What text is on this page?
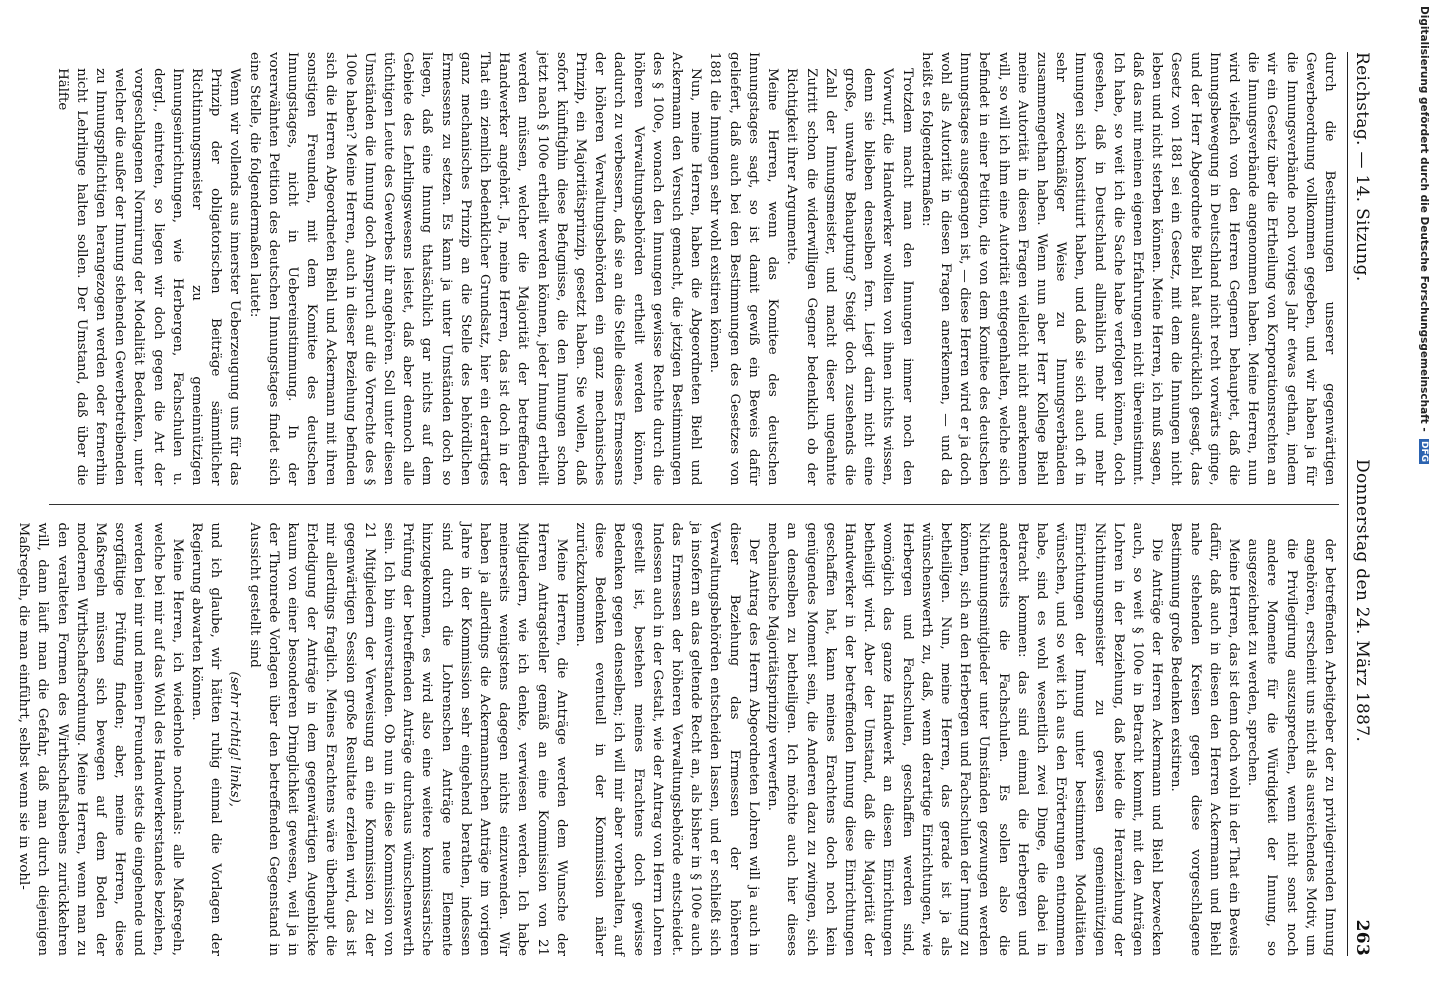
Reichstag. — 14. Sitzung.
Donnerstag den 24. März 1887.
263

durch die Bestimmungen unserer gegenwärtigen Gewerbeordnung vollkommen gegeben, und wir haben ja für die Innungsverbände noch voriges Jahr etwas gethan, indem wir ein Gesetz über die Ertheilung von Korporationsrechten an die Innungsverbände angenommen haben. Meine Herren, nun wird vielfach von den Herren Gegnern behauptet, daß die Innungsbewegung in Deutschland nicht recht vorwärts ginge, und der Herr Abgeordnete Biehl hat ausdrücklich gesagt, das Gesetz von 1881 sei ein Gesetz, mit dem die Innungen nicht leben und nicht sterben können. Meine Herren, ich muß sagen, daß das mit meinen eigenen Erfahrungen nicht übereinstimmt. Ich habe, so weit ich die Sache habe verfolgen können, doch gesehen, daß in Deutschland allmählich mehr und mehr Innungen sich konstituirt haben, und daß sie sich auch oft in sehr zweckmäßiger Weise zu Innungsverbänden zusammengethan haben. Wenn nun aber Herr Kollege Biehl meine Autorität in diesen Fragen vielleicht nicht anerkennen will, so will ich ihm eine Autorität entgegenhalten, welche sich befindet in einer Petition, die von dem Komitee des deutschen Innungstages ausgegangen ist, — diese Herren wird er ja doch wohl als Autorität in diesen Fragen anerkennen, — und da heißt es folgendermaßen:

Trotzdem macht man den Innungen immer noch den Vorwurf, die Handwerker wollten von ihnen nichts wissen, denn sie blieben denselben fern. Liegt darin nicht eine große, unwahre Behauptung? Steigt doch zusehends die Zahl der Innungsmeister, und macht dieser ungeahnte Zutritt schon die widerwilligen Gegner bedenklich ob der Richtigkeit ihrer Argumente.

Meine Herren, wenn das Komitee des deutschen Innungstages sagt, so ist damit gewiß ein Beweis dafür geliefert, daß auch bei den Bestimmungen des Gesetzes von 1881 die Innungen sehr wohl existiren können.

Nun, meine Herren, haben die Abgeordneten Biehl und Ackermann den Versuch gemacht, die jetzigen Bestimmungen des § 100e, wonach den Innungen gewisse Rechte durch die höheren Verwaltungsbehörden ertheilt werden können, dadurch zu verbessern, daß sie an die Stelle dieses Ermessens der höheren Verwaltungsbehörden ein ganz mechanisches Prinzip, ein Majoritätsprinzip, gesetzt haben. Sie wollen, daß sofort künftighin diese Befugnisse, die den Innungen schon jetzt nach § 100e ertheilt werden können, jeder Innung ertheilt werden müssen, welcher die Majorität der betreffenden Handwerker angehört. Ja, meine Herren, das ist doch in der That ein ziemlich bedenklicher Grundsatz, hier ein derartiges ganz mechanisches Prinzip an die Stelle des behördlichen Ermessens zu setzen. Es kann ja unter Umständen doch so liegen, daß eine Innung thatsächlich gar nichts auf dem Gebiete des Lehrlingswesens leistet, daß aber dennoch alle tüchtigen Leute des Gewerbes ihr angehören. Soll unter diesen Umständen die Innung doch Anspruch auf die Vorrechte des § 100e haben? Meine Herren, auch in dieser Beziehung befinden sich die Herren Abgeordneten Biehl und Ackermann mit ihren sonstigen Freunden, mit dem Komitee des deutschen Innungstages, nicht in Uebereinstimmung. In der vorerwähnten Petition des deutschen Innungstages findet sich eine Stelle, die folgendermaßen lautet:

Wenn wir vollends aus innerster Ueberzeugung uns für das Prinzip der obligatorischen Beiträge sämmtlicher Richtinnungsmeister zu gemeinnützigen Innungseinrichtungen, wie Herbergen, Fachschulen u. dergl., eintreten, so liegen wir doch gegen die Art der vorgeschlagenen Normirung der Modalität Bedenken, unter welcher die außer der Innung stehenden Gewerbetreibenden zu Innungspflichtigen herangezogen werden oder fernerhin nicht Lehrlinge halten sollen. Der Umstand, daß über die Hälfte

der betreffenden Arbeitgeber der zu privilegirenden Innung angehören, erscheint uns nicht als ausreichendes Motiv, um die Privilegirung auszusprechen, wenn nicht sonst noch andere Momente für die Würdigkeit der Innung, so ausgezeichnet zu werden, sprechen.

Meine Herren, das ist denn doch wohl in der That ein Beweis dafür, daß auch in diesen den Herren Ackermann und Biehl nahe stehenden Kreisen gegen diese vorgeschlagene Bestimmung große Bedenken existiren.

Die Anträge der Herren Ackermann und Biehl bezwecken auch, so weit § 100e in Betracht kommt, mit den Anträgen Lohren in der Beziehung, daß beide die Heranziehung der Nichtinnungsmeister zu gewissen gemeinnützigen Einrichtungen der Innung unter bestimmten Modalitäten wünschen, und so weit ich aus den Erörterungen entnommen habe, sind es wohl wesentlich zwei Dinge, die dabei in Betracht kommen: das sind einmal die Herbergen und andererseits die Fachschulen. Es sollen also die Nichtinnungsmitglieder unter Umständen gezwungen werden können, sich an den Herbergen und Fachschulen der Innung zu betheiligen. Nun, meine Herren, das gerade ist ja als wünschenswerth zu, daß, wenn derartige Einrichtungen, wie Herbergen und Fachschulen, geschaffen werden sind, womöglich das ganze Handwerk an diesen Einrichtungen betheiligt wird. Aber der Umstand, daß die Majorität der Handwerker in der betreffenden Innung diese Einrichtungen geschaffen hat, kann meines Erachtens doch noch kein genügendes Moment sein, die Anderen dazu zu zwingen, sich an denselben zu betheiligen. Ich möchte auch hier dieses mechanische Majoritätsprinzip verwerfen.

Der Antrag des Herrn Abgeordneten Lohren will ja auch in dieser Beziehung das Ermessen der höheren Verwaltungsbehörden entscheiden lassen, und er schließt sich ja insofern an das geltende Recht an, als bisher in § 100e auch das Ermessen der höheren Verwaltungsbehörde entscheidet. Indessen auch in der Gestalt, wie der Antrag von Herrn Lohren gestellt ist, bestehen meines Erachtens doch gewisse Bedenken gegen denselben; ich will mir aber vorbehalten, auf diese Bedenken eventuell in der Kommission näher zurückzukommen.

Meine Herren, die Anträge werden dem Wunsche der Herren Antragsteller gemäß an eine Kommission von 21 Mitgliedern, wie ich denke, verwiesen werden. Ich habe meinerseits wenigstens dagegen nichts einzuwenden. Wir haben ja allerdings die Ackermannschen Anträge im vorigen Jahre in der Kommission sehr eingehend berathen, indessen sind durch die Lohrenschen Anträge neue Elemente hinzugekommen, es wird also eine weitere kommissarische Prüfung der betreffenden Anträge durchaus wünschenswerth sein. Ich bin einverstanden. Ob nun in diese Kommission von 21 Mitgliedern der Verweisung an eine Kommission zu der gegenwärtigen Session große Resultate erzielen wird, das ist mir allerdings fraglich. Meines Erachtens wäre überhaupt die Erledigung der Anträge in dem gegenwärtigen Augenblicke kaum von einer besonderen Dringlichkeit gewesen, weil ja in der Thronrede Vorlagen über den betreffenden Gegenstand in Aussicht gestellt sind

(sehr richtig! links),

und ich glaube, wir hätten ruhig einmal die Vorlagen der Regierung abwarten können.

Meine Herren, ich wiederhole nochmals: alle Maßregeln, welche bei mir auf das Wohl des Handwerkerstandes beziehen, werden bei mir und meinen Freunden stets die eingehende und sorgfältige Prüfung finden; aber, meine Herren, diese Maßregeln müssen sich bewegen auf dem Boden der modernen Wirthschaftsordnung. Meine Herren, wenn man zu den veralteten Formen des Wirthschaftslebens zurückkehren will, dann läuft man die Gefahr, daß man durch diejenigen Maßregeln, die man einführt, selbst wenn sie in wohl-

Digitalisierung gefördert durch die Deutsche Forschungsgemeinschaft - DFG
